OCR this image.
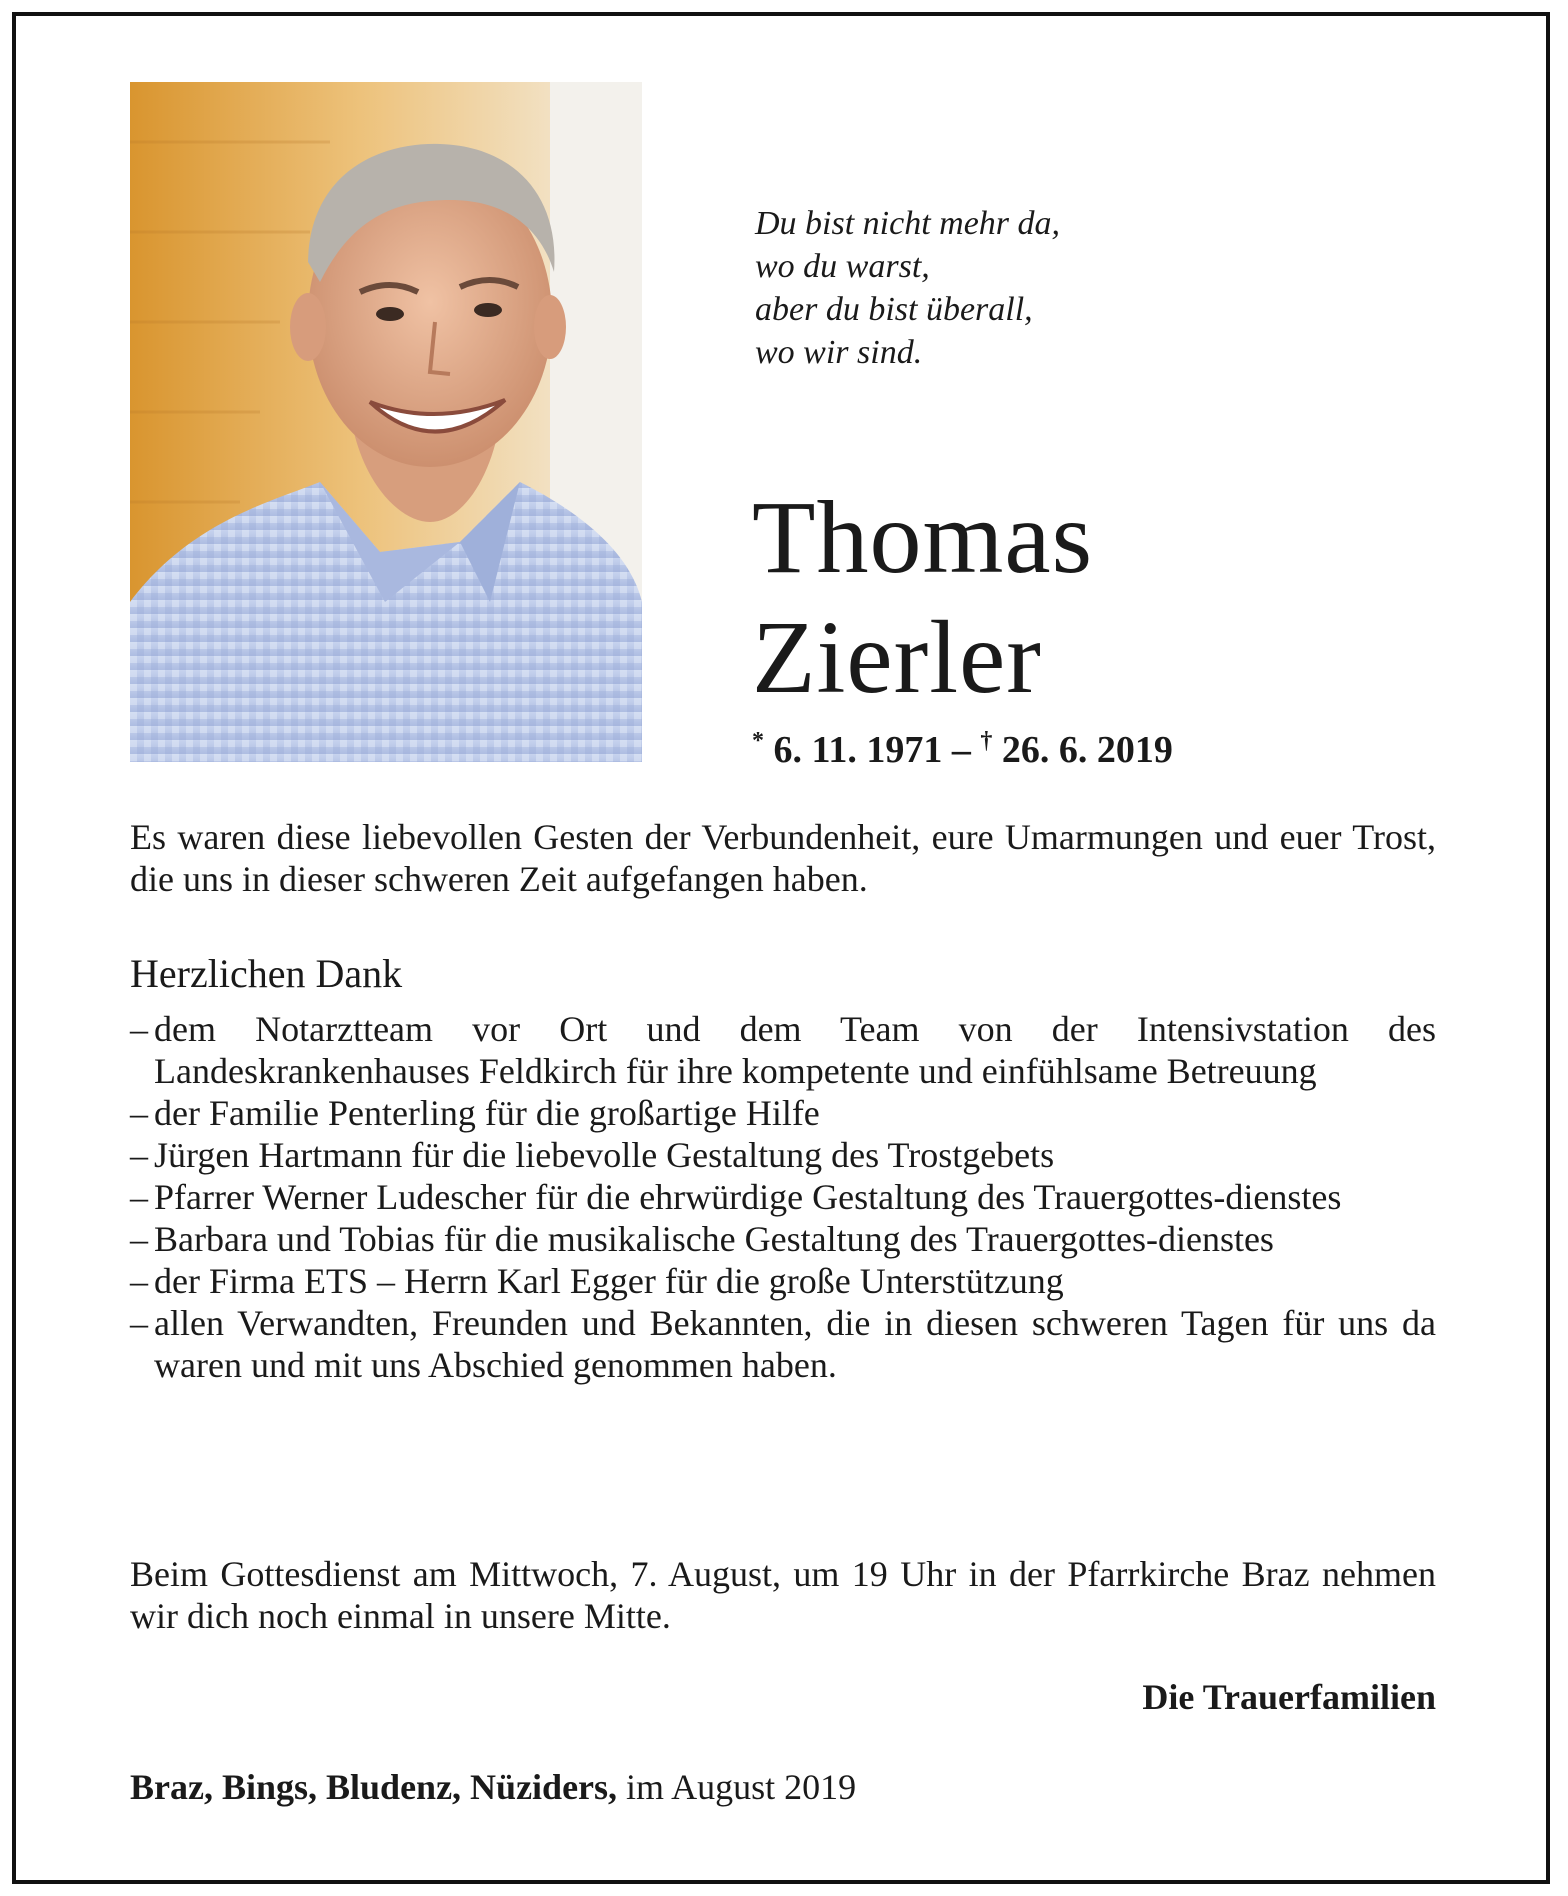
Du bist nicht mehr da,
wo du warst,
aber du bist überall,
wo wir sind.
Thomas
Zierler
* 6. 11. 1971 – † 26. 6. 2019
Es waren diese liebevollen Gesten der Verbundenheit, eure Umarmungen und euer Trost, die uns in dieser schweren Zeit aufgefangen haben.
Herzlichen Dank
– dem Notarztteam vor Ort und dem Team von der Intensivstation des Landeskrankenhauses Feldkirch für ihre kompetente und einfühlsame Betreuung
– der Familie Penterling für die großartige Hilfe
– Jürgen Hartmann für die liebevolle Gestaltung des Trostgebets
– Pfarrer Werner Ludescher für die ehrwürdige Gestaltung des Trauergottes-dienstes
– Barbara und Tobias für die musikalische Gestaltung des Trauergottes-dienstes
– der Firma ETS – Herrn Karl Egger für die große Unterstützung
– allen Verwandten, Freunden und Bekannten, die in diesen schweren Tagen für uns da waren und mit uns Abschied genommen haben.
Beim Gottesdienst am Mittwoch, 7. August, um 19 Uhr in der Pfarrkirche Braz nehmen wir dich noch einmal in unsere Mitte.
Die Trauerfamilien
Braz, Bings, Bludenz, Nüziders, im August 2019
